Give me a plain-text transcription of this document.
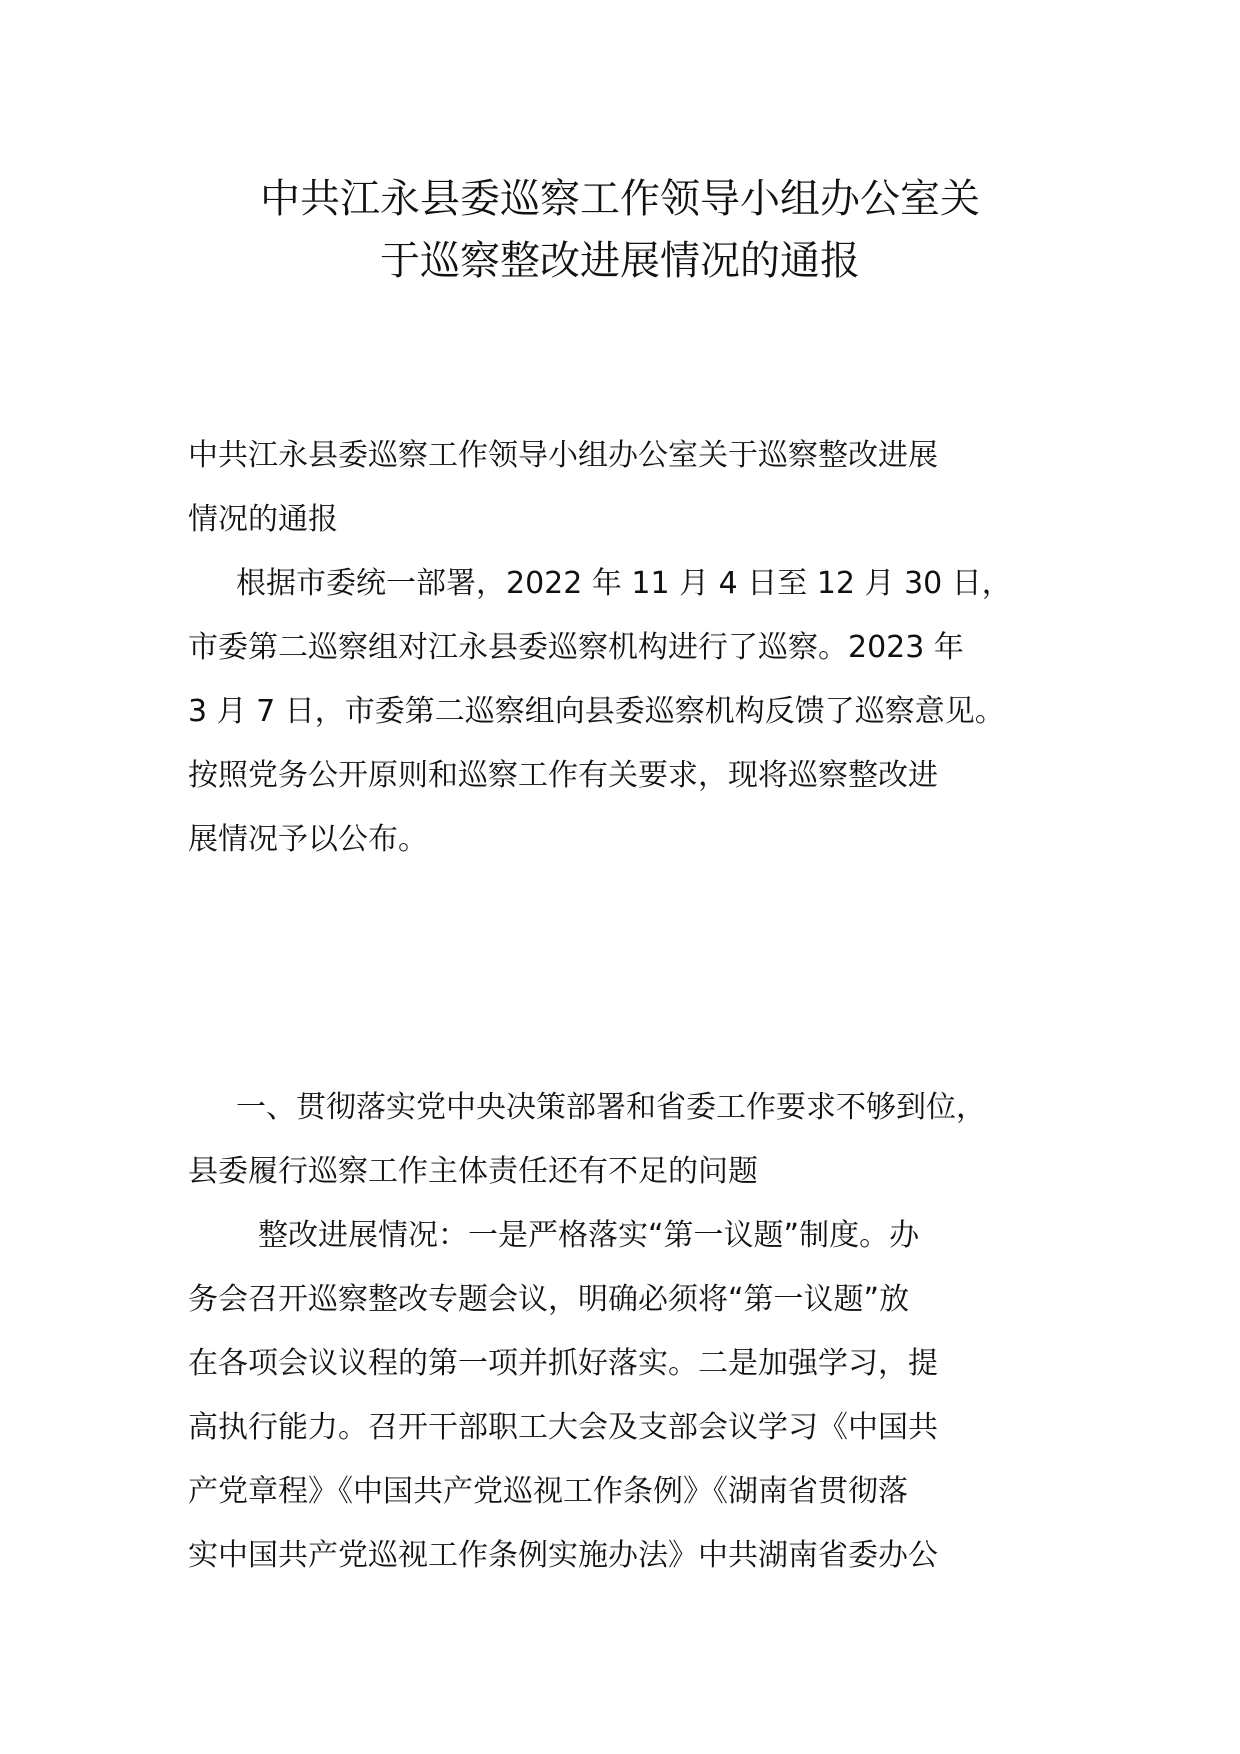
中共江永县委巡察工作领导小组办公室关
于巡察整改进展情况的通报
中共江永县委巡察工作领导小组办公室关于巡察整改进展
情况的通报
根据市委统一部署，2022 年 11 月 4 日至 12 月 30 日，
市委第二巡察组对江永县委巡察机构进行了巡察。2023 年
3 月 7 日，市委第二巡察组向县委巡察机构反馈了巡察意见。
按照党务公开原则和巡察工作有关要求，现将巡察整改进
展情况予以公布。
一、贯彻落实党中央决策部署和省委工作要求不够到位，
县委履行巡察工作主体责任还有不足的问题
整改进展情况：一是严格落实“第一议题”制度。办
务会召开巡察整改专题会议，明确必须将“第一议题”放
在各项会议议程的第一项并抓好落实。二是加强学习，提
高执行能力。召开干部职工大会及支部会议学习《中国共
产党章程》《中国共产党巡视工作条例》《湖南省贯彻落
实中国共产党巡视工作条例实施办法》中共湖南省委办公
